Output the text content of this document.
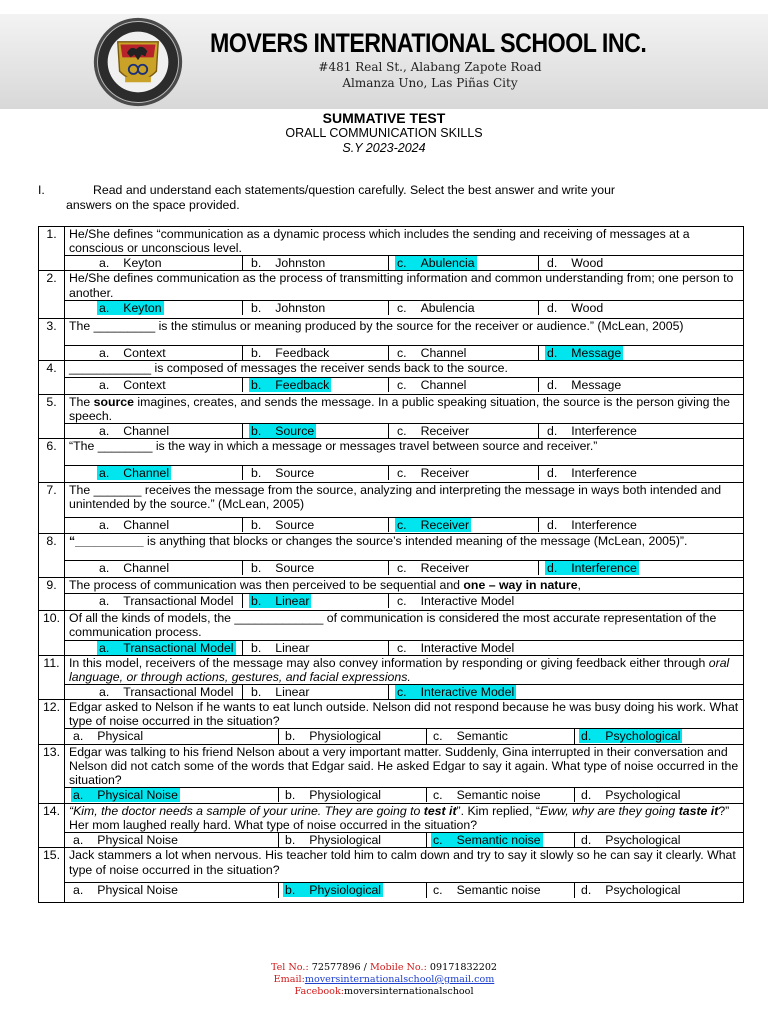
MOVERS INTERNATIONAL SCHOOL INC.
#481 Real St., Alabang Zapote Road
Almanza Uno, Las Piñas City
SUMMATIVE TEST
ORALL COMMUNICATION SKILLS
S.Y 2023-2024
I.	Read and understand each statements/question carefully. Select the best answer and write your
answers on the space provided.
1.	He/She defines “communication as a dynamic process which includes the sending and receiving of messages at a conscious or unconscious level.

	a. Keyton b. Johnston c. Abulencia d. Wood

2.	He/She defines communication as the process of transmitting information and common understanding from; one person to another.

	a. Keyton b. Johnston c. Abulencia d. Wood

3.	The _________ is the stimulus or meaning produced by the source for the receiver or audience.” (McLean, 2005)

	a. Context b. Feedback c. Channel d. Message

4.	____________ is composed of messages the receiver sends back to the source.

	a. Context b. Feedback c. Channel d. Message

5.	The source imagines, creates, and sends the message. In a public speaking situation, the source is the person giving the speech.

	a. Channel b. Source c. Receiver d. Interference

6.	“The ________ is the way in which a message or messages travel between source and receiver.”

	a. Channel b. Source c. Receiver d. Interference

7.	The _______ receives the message from the source, analyzing and interpreting the message in ways both intended and unintended by the source.” (McLean, 2005)

	a. Channel b. Source c. Receiver d. Interference

8.	“__________ is anything that blocks or changes the source’s intended meaning of the message (McLean, 2005)”.

	a. Channel b. Source c. Receiver d. Interference

9.	The process of communication was then perceived to be sequential and one – way in nature,

	a. Transactional Model b. Linear c. Interactive Model

10.	Of all the kinds of models, the _____________ of communication is considered the most accurate representation of the communication process.

	a. Transactional Model b. Linear c. Interactive Model

11.	In this model, receivers of the message may also convey information by responding or giving feedback either through oral language, or through actions, gestures, and facial expressions.

	a. Transactional Model b. Linear c. Interactive Model

12.	Edgar asked to Nelson if he wants to eat lunch outside. Nelson did not respond because he was busy doing his work. What type of noise occurred in the situation?

	a. Physical b. Physiological c. Semantic d. Psychological

13.	Edgar was talking to his friend Nelson about a very important matter. Suddenly, Gina interrupted in their conversation and Nelson did not catch some of the words that Edgar said. He asked Edgar to say it again. What type of noise occurred in the situation?

	a. Physical Noise b. Physiological c. Semantic noise d. Psychological

14.	“Kim, the doctor needs a sample of your urine. They are going to test it”. Kim replied, “Eww, why are they going taste it?” Her mom laughed really hard. What type of noise occurred in the situation?

	a. Physical Noise b. Physiological c. Semantic noise d. Psychological

15.	Jack stammers a lot when nervous. His teacher told him to calm down and try to say it slowly so he can say it clearly. What type of noise occurred in the situation?

	a. Physical Noise b. Physiological c. Semantic noise d. Psychological
Tel No.: 72577896 / Mobile No.: 09171832202
Email:moversinternationalschool@gmail.com
Facebook:moversinternationalschool
